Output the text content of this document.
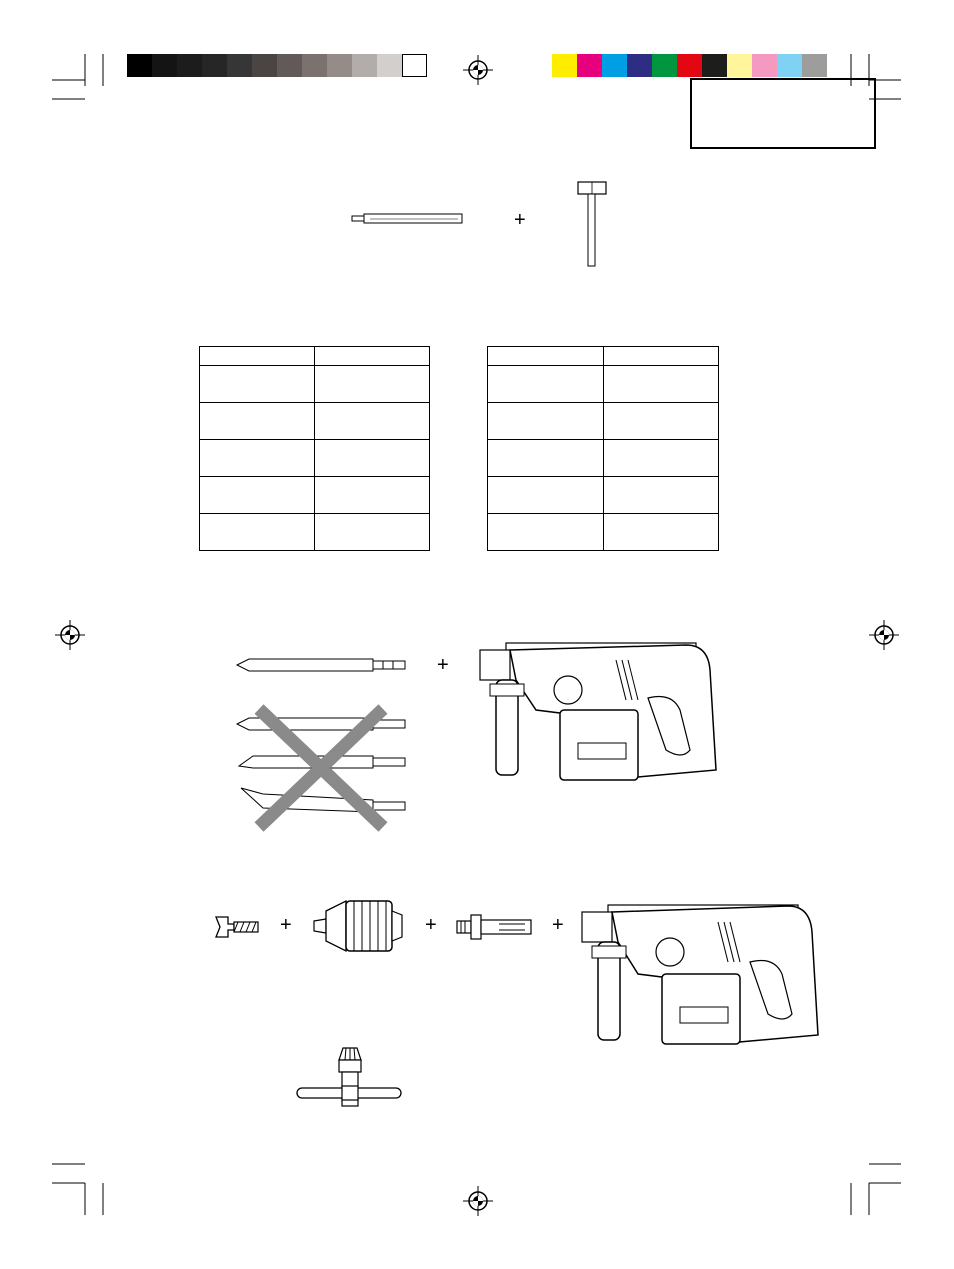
+

+
+	+	+
